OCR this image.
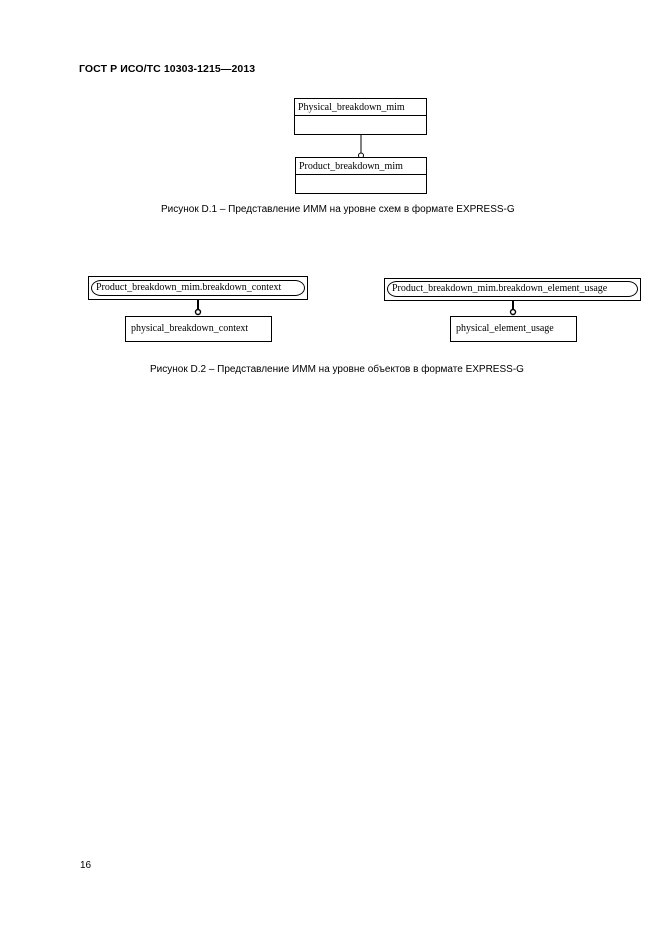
ГОСТ Р ИСО/ТС 10303-1215—2013
Physical_breakdown_mim
Product_breakdown_mim
Рисунок D.1 – Представление ИММ на уровне схем в формате EXPRESS-G
Product_breakdown_mim.breakdown_context
physical_breakdown_context
Product_breakdown_mim.breakdown_element_usage
physical_element_usage
Рисунок D.2 – Представление ИММ на уровне объектов в формате EXPRESS-G
16
